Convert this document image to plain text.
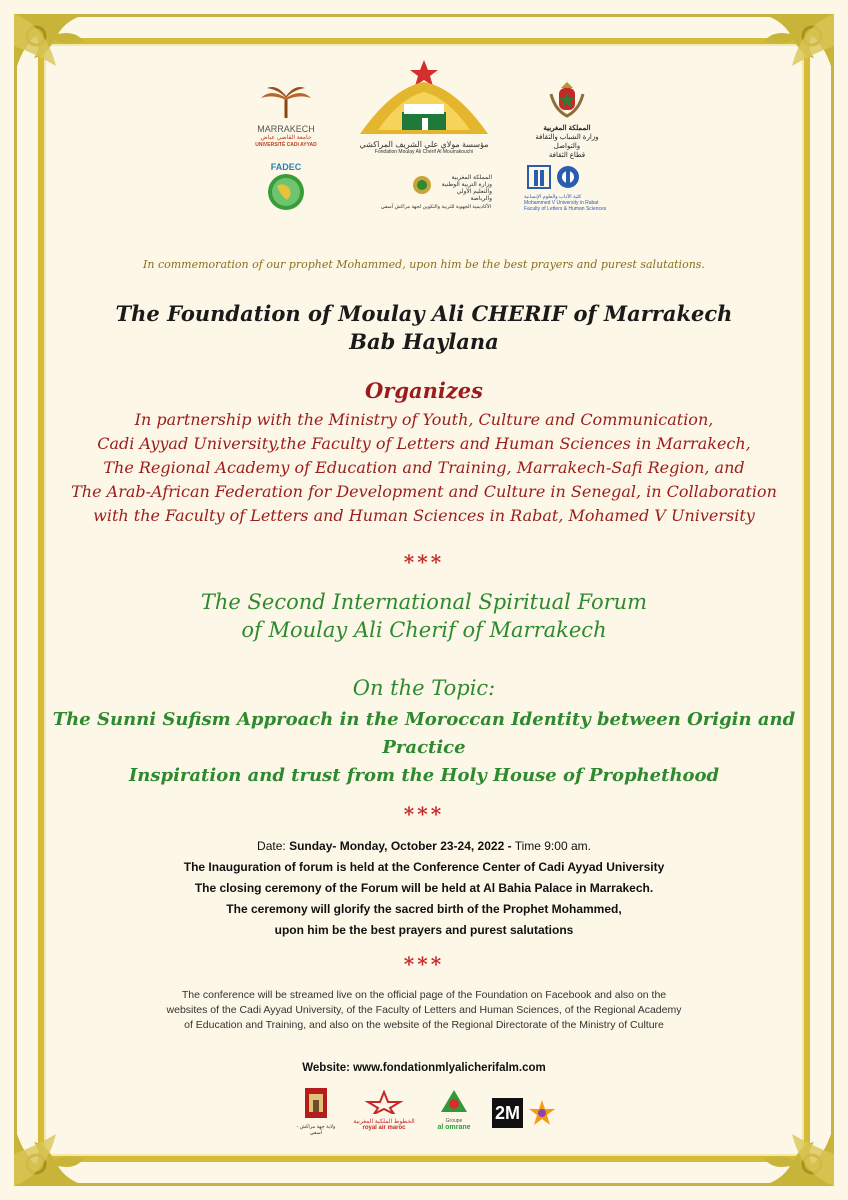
MARRAKECH
جامعة القاضي عياض
UNIVERSITÉ CADI AYYAD
FADEC
مؤسسة مولاي علي الشريف المراكشي
Fondation Moulay Ali Chérif Al Mourrakouchi
المملكة المغربية
وزارة التربية الوطنية
والتعليم الأولي والرياضة
الأكاديمية الجهوية للتربية والتكوين لجهة مراكش آسفي
المملكة المغربية
وزارة الشباب والثقافة والتواصل
قطاع الثقافة
كلية الآداب والعلوم الإنسانية
Mohammed V University in Rabat
Faculty of Letters & Human Sciences
In commemoration of our prophet Mohammed, upon him be the best prayers and purest salutations.
The Foundation of Moulay Ali CHERIF of Marrakech
Bab Haylana
Organizes
In partnership with the Ministry of Youth, Culture and Communication,
Cadi Ayyad University,the Faculty of Letters and Human Sciences in Marrakech,
The Regional Academy of Education and Training, Marrakech-Safi Region, and
The Arab-African Federation for Development and Culture in Senegal, in Collaboration
with the Faculty of Letters and Human Sciences in Rabat, Mohamed V University
***
The Second International Spiritual Forum
of Moulay Ali Cherif of Marrakech
On the Topic:
The Sunni Sufism Approach in the Moroccan Identity between Origin and
Practice
Inspiration and trust from the Holy House of Prophethood
***
Date: Sunday- Monday, October 23-24, 2022 - Time 9:00 am.
The Inauguration of forum is held at the Conference Center of Cadi Ayyad University
The closing ceremony of the Forum will be held at Al Bahia Palace in Marrakech.
The ceremony will glorify the sacred birth of the Prophet Mohammed,
upon him be the best prayers and purest salutations
***
The conference will be streamed live on the official page of the Foundation on Facebook and also on the
websites of the Cadi Ayyad University, of the Faculty of Letters and Human Sciences, of the Regional Academy
of Education and Training, and also on the website of the Regional Directorate of the Ministry of Culture
Website: www.fondationmlyalicherifalm.com
ولاية جهة مراكش - آسفي
الخطوط الملكية المغربية
royal air maroc
Groupe
al omrane
2M
